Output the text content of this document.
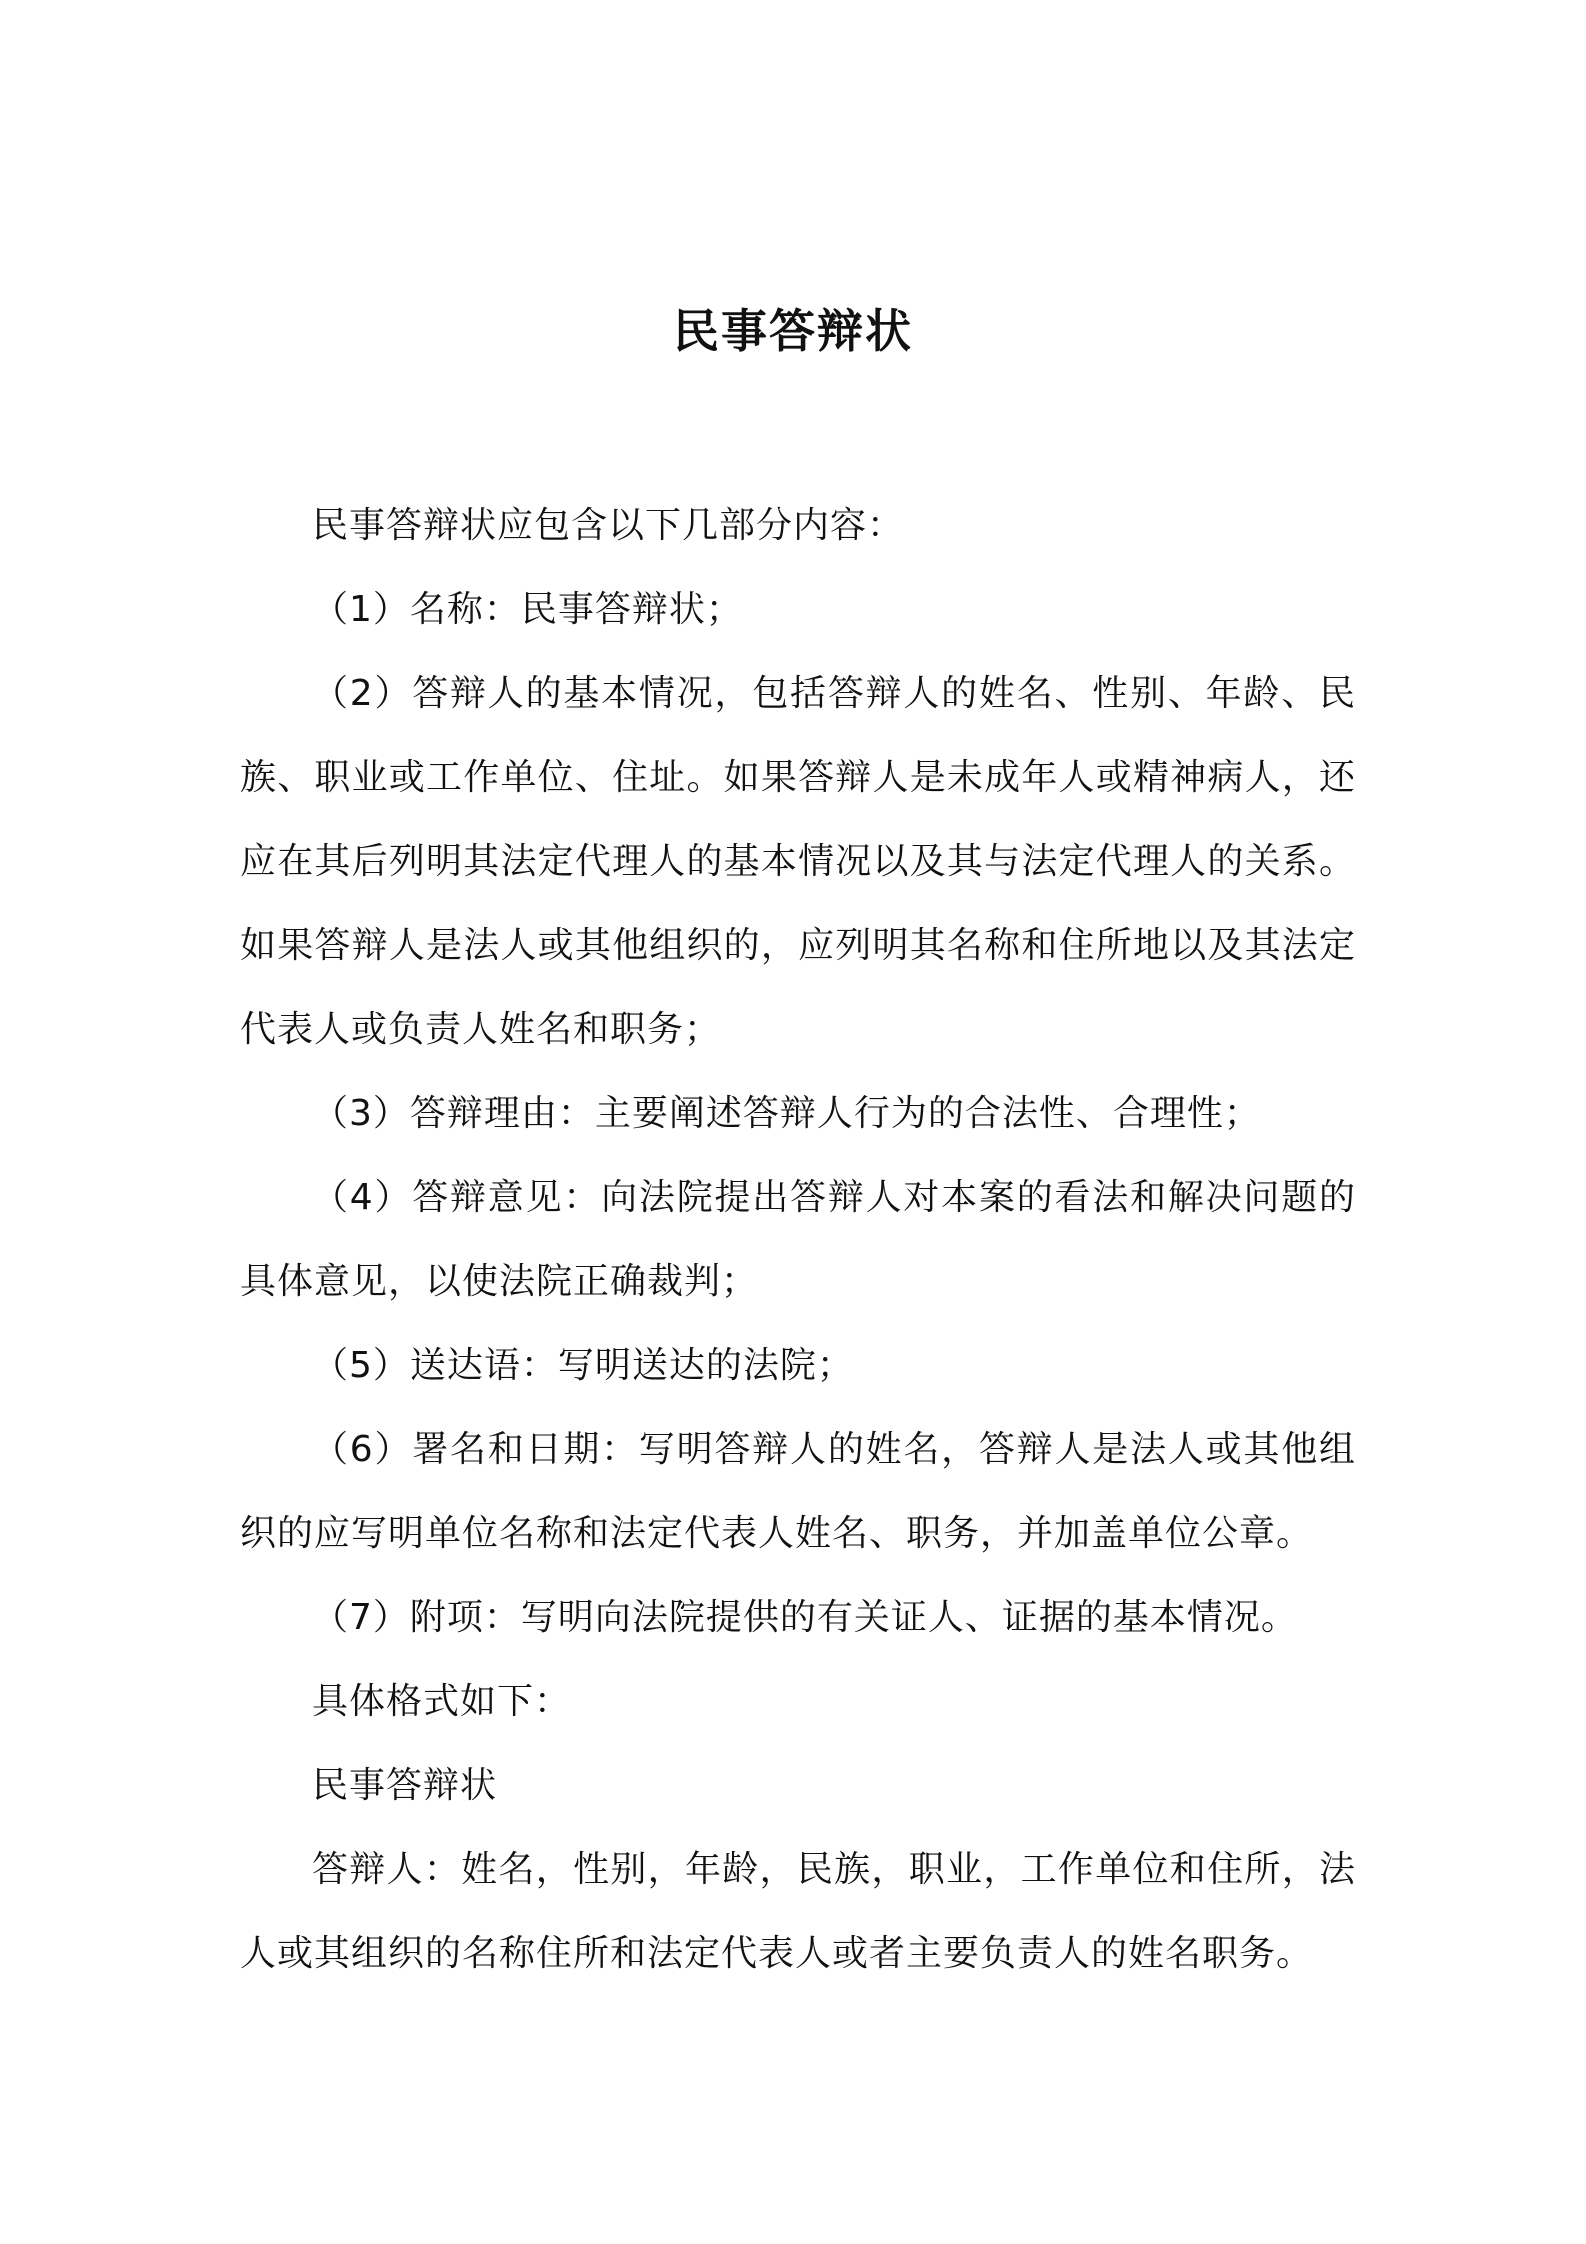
民事答辩状

民事答辩状应包含以下几部分内容：

（1）名称：民事答辩状；

（2）答辩人的基本情况，包括答辩人的姓名、性别、年龄、民族、职业或工作单位、住址。如果答辩人是未成年人或精神病人，还应在其后列明其法定代理人的基本情况以及其与法定代理人的关系。如果答辩人是法人或其他组织的，应列明其名称和住所地以及其法定代表人或负责人姓名和职务；

（3）答辩理由：主要阐述答辩人行为的合法性、合理性；

（4）答辩意见：向法院提出答辩人对本案的看法和解决问题的具体意见，以使法院正确裁判；

（5）送达语：写明送达的法院；

（6）署名和日期：写明答辩人的姓名，答辩人是法人或其他组织的应写明单位名称和法定代表人姓名、职务，并加盖单位公章。

（7）附项：写明向法院提供的有关证人、证据的基本情况。

具体格式如下：

民事答辩状

答辩人：姓名，性别，年龄，民族，职业，工作单位和住所，法人或其组织的名称住所和法定代表人或者主要负责人的姓名职务。
